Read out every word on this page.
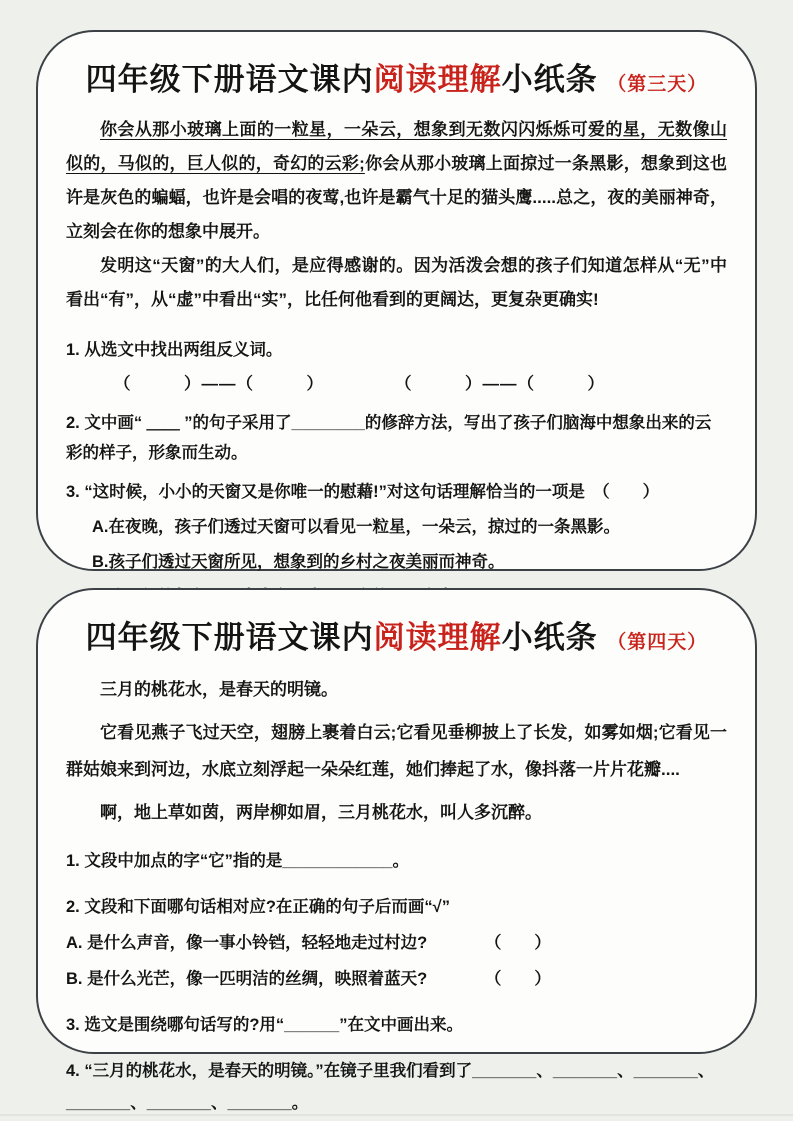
四年级下册语文课内阅读理解小纸条 （第三天）

你会从那小玻璃上面的一粒星，一朵云，想象到无数闪闪烁烁可爱的星，无数像山似的，马似的，巨人似的，奇幻的云彩;你会从那小玻璃上面掠过一条黑影，想象到这也许是灰色的蝙蝠，也许是会唱的夜莺,也许是霸气十足的猫头鹰.....总之，夜的美丽神奇，立刻会在你的想象中展开。

发明这“天窗”的大人们，是应得感谢的。因为活泼会想的孩子们知道怎样从“无”中看出“有”，从“虚”中看出“实”，比任何他看到的更阔达，更复杂更确实!

1. 从选文中找出两组反义词。

（　　　）——（　　　）　　　　　（　　　）——（　　　）

2. 文中画“ ＿＿ ”的句子采用了________的修辞方法，写出了孩子们脑海中想象出来的云彩的样子，形象而生动。

3. “这时候，小小的天窗又是你唯一的慰藉!”对这句话理解恰当的一项是　（　　）

A.在夜晚，孩子们透过天窗可以看见一粒星，一朵云，掠过的一条黑影。

B.孩子们透过天窗所见，想象到的乡村之夜美丽而神奇。

四年级下册语文课内阅读理解小纸条 （第四天）

三月的桃花水，是春天的明镜。

它看见燕子飞过天空，翅膀上裹着白云;它看见垂柳披上了长发，如雾如烟;它看见一群姑娘来到河边，水底立刻浮起一朵朵红莲，她们捧起了水，像抖落一片片花瓣....

啊，地上草如茵，两岸柳如眉，三月桃花水，叫人多沉醉。

1. 文段中加点的字“它”指的是____________。

2. 文段和下面哪句话相对应?在正确的句子后而画“√”

A. 是什么声音，像一事小铃铛，轻轻地走过村边?　　　　（　　）

B. 是什么光芒，像一匹明洁的丝绸，映照着蓝天?　　　　（　　）

3. 选文是围绕哪句话写的?用“______”在文中画出来。

4. “三月的桃花水，是春天的明镜。”在镜子里我们看到了_______、_______、_______、_______、_______、_______。
